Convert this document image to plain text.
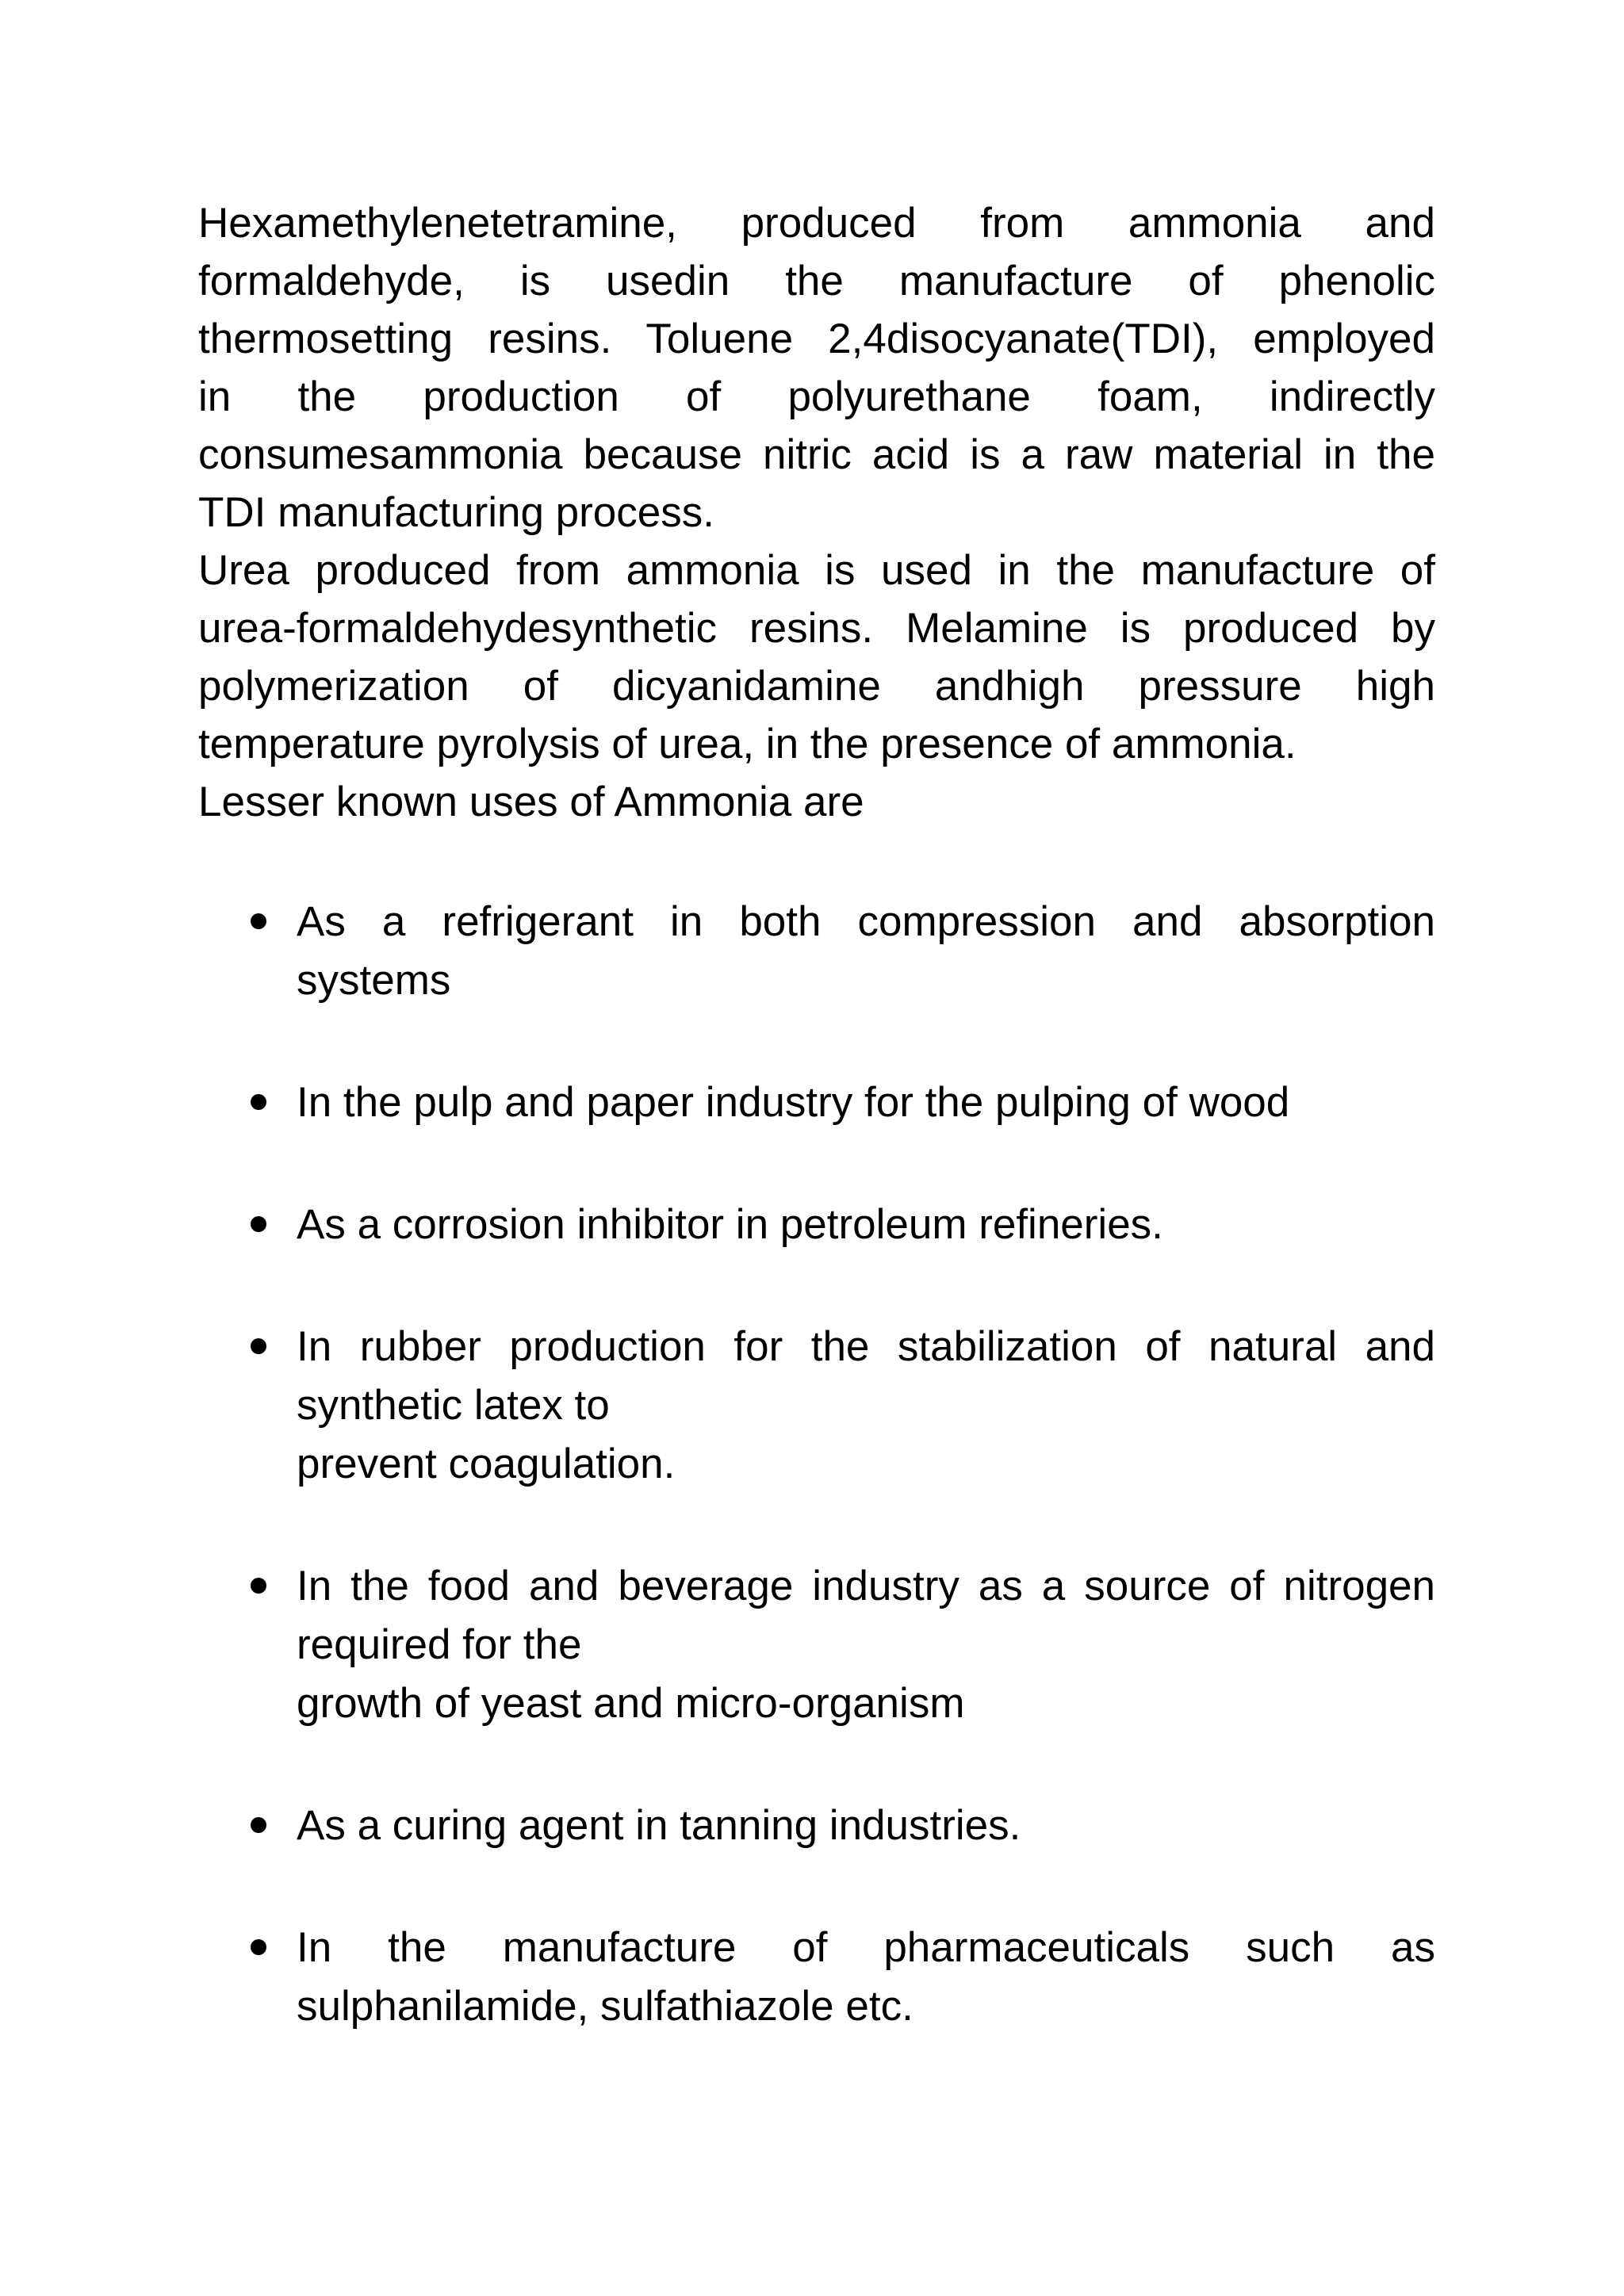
Hexamethylenetetramine, produced from ammonia and
formaldehyde, is usedin the manufacture of phenolic
thermosetting resins. Toluene 2,4disocyanate(TDI), employed
in the production of polyurethane foam, indirectly
consumesammonia because nitric acid is a raw material in the
TDI manufacturing process.
Urea produced from ammonia is used in the manufacture of
urea-formaldehydesynthetic resins. Melamine is produced by
polymerization of dicyanidamine andhigh pressure high
temperature pyrolysis of urea, in the presence of ammonia.

Lesser known uses of Ammonia are

As a refrigerant in both compression and absorption
systems
In the pulp and paper industry for the pulping of wood
As a corrosion inhibitor in petroleum refineries.
In rubber production for the stabilization of natural and
synthetic latex to
prevent coagulation.
In the food and beverage industry as a source of nitrogen
required for the
growth of yeast and micro-organism
As a curing agent in tanning industries.
In the manufacture of pharmaceuticals such as
sulphanilamide, sulfathiazole etc.
